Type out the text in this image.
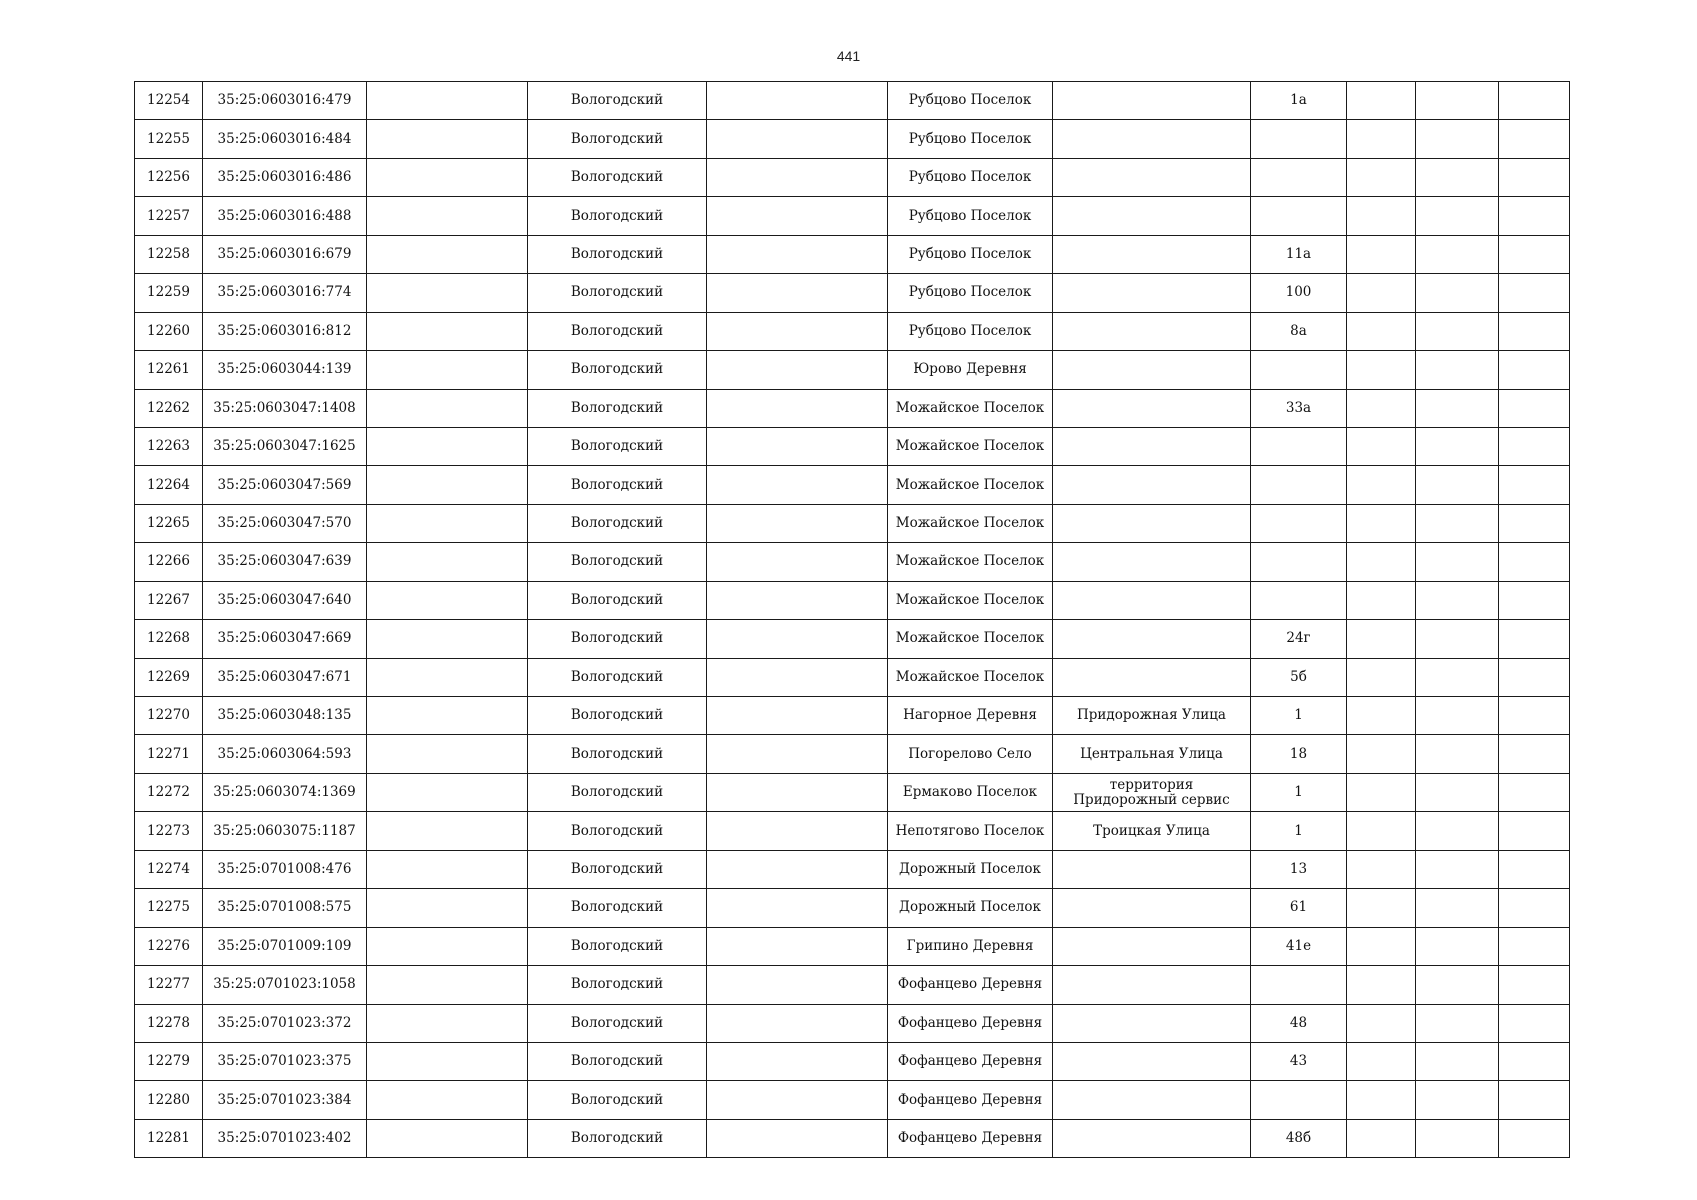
441
12254	35:25:0603016:479		Вологодский		Рубцово Поселок		1а			
12255	35:25:0603016:484		Вологодский		Рубцово Поселок					
12256	35:25:0603016:486		Вологодский		Рубцово Поселок					
12257	35:25:0603016:488		Вологодский		Рубцово Поселок					
12258	35:25:0603016:679		Вологодский		Рубцово Поселок		11а			
12259	35:25:0603016:774		Вологодский		Рубцово Поселок		100			
12260	35:25:0603016:812		Вологодский		Рубцово Поселок		8а			
12261	35:25:0603044:139		Вологодский		Юрово Деревня					
12262	35:25:0603047:1408		Вологодский		Можайское Поселок		33а			
12263	35:25:0603047:1625		Вологодский		Можайское Поселок					
12264	35:25:0603047:569		Вологодский		Можайское Поселок					
12265	35:25:0603047:570		Вологодский		Можайское Поселок					
12266	35:25:0603047:639		Вологодский		Можайское Поселок					
12267	35:25:0603047:640		Вологодский		Можайское Поселок					
12268	35:25:0603047:669		Вологодский		Можайское Поселок		24г			
12269	35:25:0603047:671		Вологодский		Можайское Поселок		5б			
12270	35:25:0603048:135		Вологодский		Нагорное Деревня	Придорожная Улица	1			
12271	35:25:0603064:593		Вологодский		Погорелово Село	Центральная Улица	18			
12272	35:25:0603074:1369		Вологодский		Ермаково Поселок	территория Придорожный сервис	1			
12273	35:25:0603075:1187		Вологодский		Непотягово Поселок	Троицкая Улица	1			
12274	35:25:0701008:476		Вологодский		Дорожный Поселок		13			
12275	35:25:0701008:575		Вологодский		Дорожный Поселок		61			
12276	35:25:0701009:109		Вологодский		Грипино Деревня		41е			
12277	35:25:0701023:1058		Вологодский		Фофанцево Деревня					
12278	35:25:0701023:372		Вологодский		Фофанцево Деревня		48			
12279	35:25:0701023:375		Вологодский		Фофанцево Деревня		43			
12280	35:25:0701023:384		Вологодский		Фофанцево Деревня					
12281	35:25:0701023:402		Вологодский		Фофанцево Деревня		48б			
